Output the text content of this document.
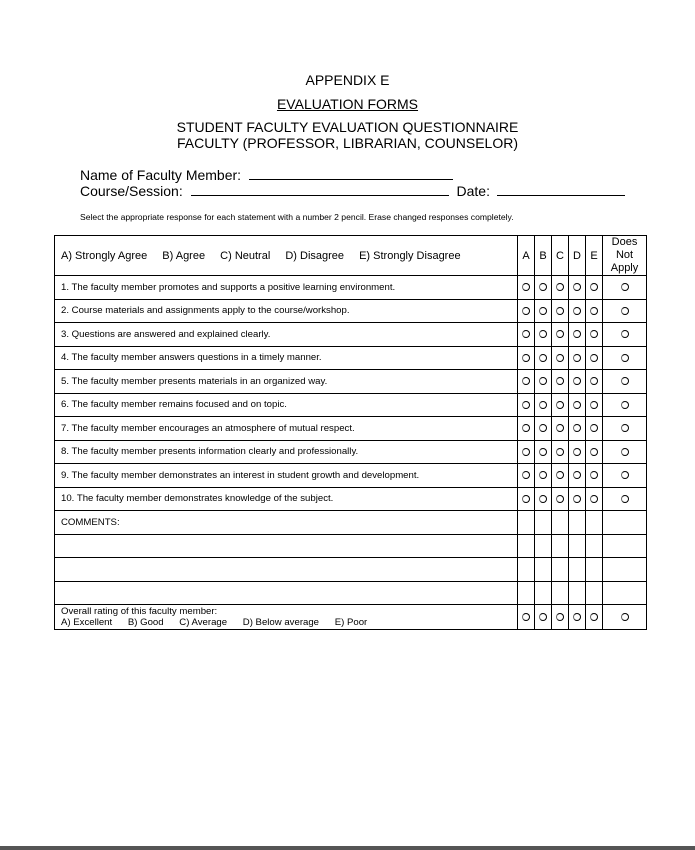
APPENDIX E
EVALUATION FORMS
STUDENT FACULTY EVALUATION QUESTIONNAIRE
FACULTY (PROFESSOR, LIBRARIAN, COUNSELOR)
Name of Faculty Member:
Course/Session:	Date:
Select the appropriate response for each statement with a number 2 pencil. Erase changed responses completely.
A) Strongly Agree B) Agree C) Neutral D) Disagree E) Strongly Disagree	A	B	C	D	E	Does
Not
Apply

1. The faculty member promotes and supports a positive learning environment.						
2. Course materials and assignments apply to the course/workshop.						
3. Questions are answered and explained clearly.						
4. The faculty member answers questions in a timely manner.						
5. The faculty member presents materials in an organized way.						
6. The faculty member remains focused and on topic.						
7. The faculty member encourages an atmosphere of mutual respect.						
8. The faculty member presents information clearly and professionally.						
9. The faculty member demonstrates an interest in student growth and development.						
10. The faculty member demonstrates knowledge of the subject.						
COMMENTS:						

Overall rating of this faculty member:
A) Excellent B) Good C) Average D) Below average E) Poor						
